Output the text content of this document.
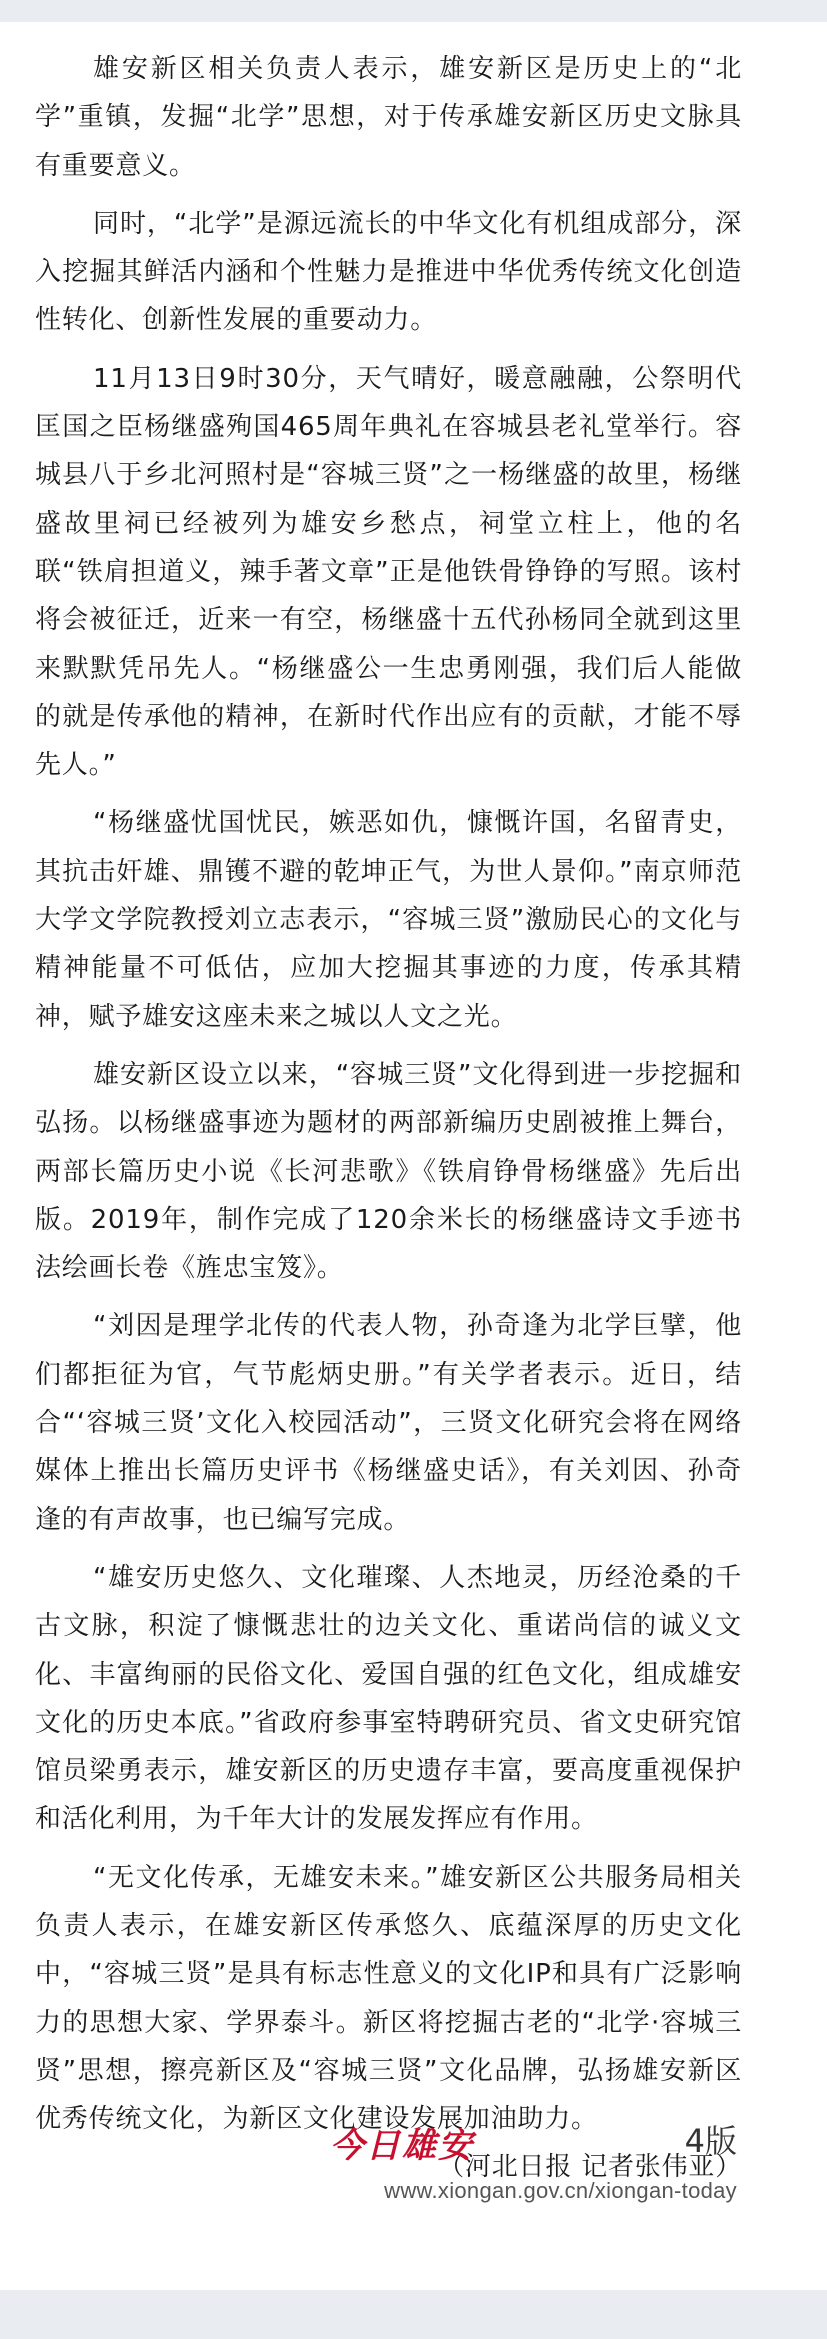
雄安新区相关负责人表示，雄安新区是历史上的“北学”重镇，发掘“北学”思想，对于传承雄安新区历史文脉具有重要意义。

同时，“北学”是源远流长的中华文化有机组成部分，深入挖掘其鲜活内涵和个性魅力是推进中华优秀传统文化创造性转化、创新性发展的重要动力。

11月13日9时30分，天气晴好，暖意融融，公祭明代匡国之臣杨继盛殉国465周年典礼在容城县老礼堂举行。容城县八于乡北河照村是“容城三贤”之一杨继盛的故里，杨继盛故里祠已经被列为雄安乡愁点，祠堂立柱上，他的名联“铁肩担道义，辣手著文章”正是他铁骨铮铮的写照。该村将会被征迁，近来一有空，杨继盛十五代孙杨同全就到这里来默默凭吊先人。“杨继盛公一生忠勇刚强，我们后人能做的就是传承他的精神，在新时代作出应有的贡献，才能不辱先人。”

“杨继盛忧国忧民，嫉恶如仇，慷慨许国，名留青史，其抗击奸雄、鼎镬不避的乾坤正气，为世人景仰。”南京师范大学文学院教授刘立志表示，“容城三贤”激励民心的文化与精神能量不可低估，应加大挖掘其事迹的力度，传承其精神，赋予雄安这座未来之城以人文之光。

雄安新区设立以来，“容城三贤”文化得到进一步挖掘和弘扬。以杨继盛事迹为题材的两部新编历史剧被推上舞台，两部长篇历史小说《长河悲歌》《铁肩铮骨杨继盛》先后出版。2019年，制作完成了120余米长的杨继盛诗文手迹书法绘画长卷《旌忠宝笈》。

“刘因是理学北传的代表人物，孙奇逢为北学巨擘，他们都拒征为官，气节彪炳史册。”有关学者表示。近日，结合“‘容城三贤’文化入校园活动”，三贤文化研究会将在网络媒体上推出长篇历史评书《杨继盛史话》，有关刘因、孙奇逢的有声故事，也已编写完成。

“雄安历史悠久、文化璀璨、人杰地灵，历经沧桑的千古文脉，积淀了慷慨悲壮的边关文化、重诺尚信的诚义文化、丰富绚丽的民俗文化、爱国自强的红色文化，组成雄安文化的历史本底。”省政府参事室特聘研究员、省文史研究馆馆员梁勇表示，雄安新区的历史遗存丰富，要高度重视保护和活化利用，为千年大计的发展发挥应有作用。

“无文化传承，无雄安未来。”雄安新区公共服务局相关负责人表示，在雄安新区传承悠久、底蕴深厚的历史文化中，“容城三贤”是具有标志性意义的文化IP和具有广泛影响力的思想大家、学界泰斗。新区将挖掘古老的“北学·容城三贤”思想，擦亮新区及“容城三贤”文化品牌，弘扬雄安新区优秀传统文化，为新区文化建设发展加油助力。
（河北日报 记者张伟亚）

今日雄安	4版
www.xiongan.gov.cn/xiongan-today
